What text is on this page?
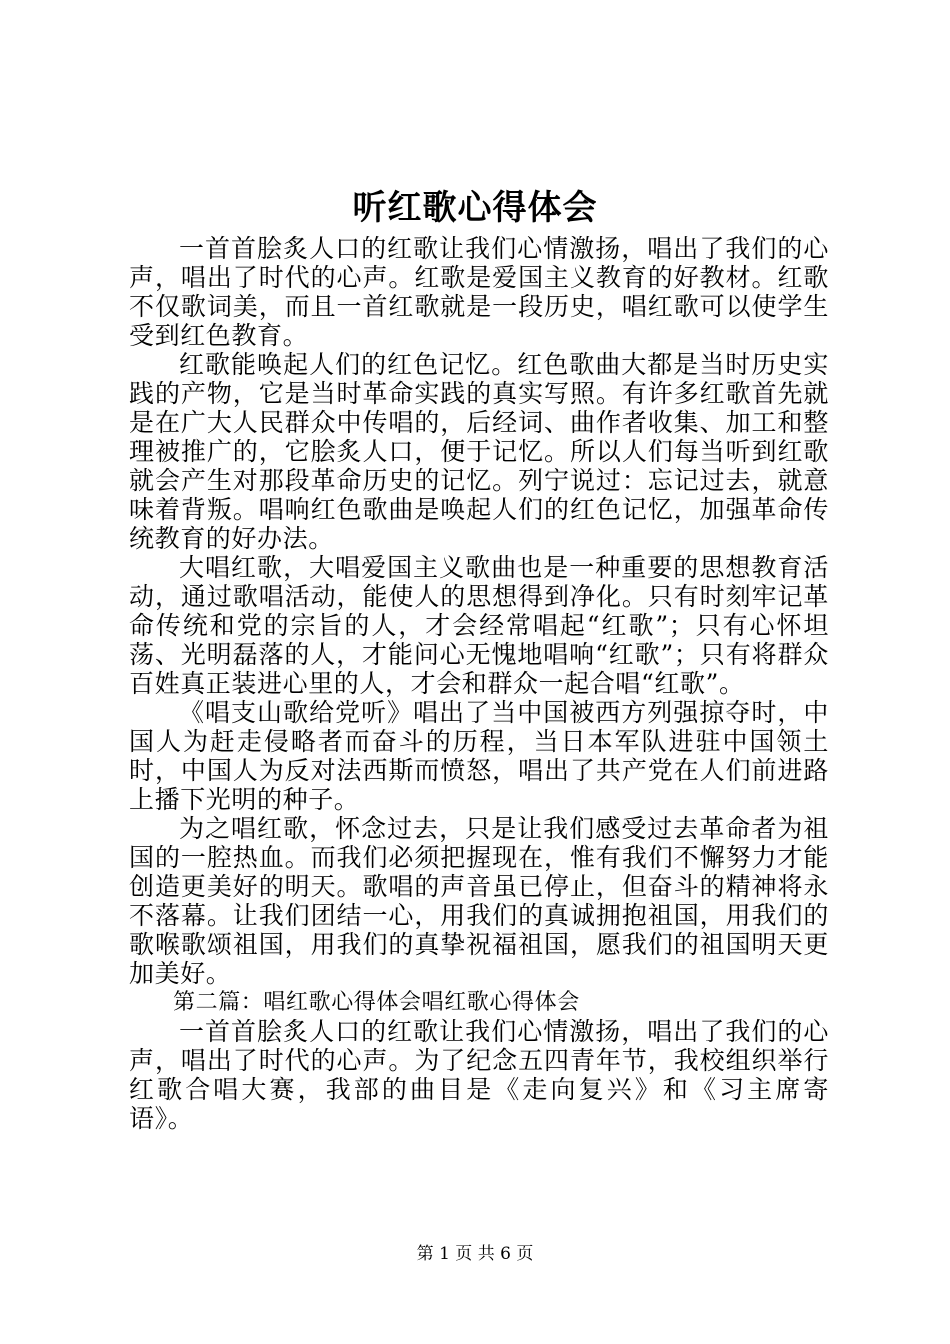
听红歌心得体会

一首首脍炙人口的红歌让我们心情激扬，唱出了我们的心声，唱出了时代的心声。红歌是爱国主义教育的好教材。红歌不仅歌词美，而且一首红歌就是一段历史，唱红歌可以使学生受到红色教育。

红歌能唤起人们的红色记忆。红色歌曲大都是当时历史实践的产物，它是当时革命实践的真实写照。有许多红歌首先就是在广大人民群众中传唱的，后经词、曲作者收集、加工和整理被推广的，它脍炙人口，便于记忆。所以人们每当听到红歌就会产生对那段革命历史的记忆。列宁说过：忘记过去，就意味着背叛。唱响红色歌曲是唤起人们的红色记忆，加强革命传统教育的好办法。

大唱红歌，大唱爱国主义歌曲也是一种重要的思想教育活动，通过歌唱活动，能使人的思想得到净化。只有时刻牢记革命传统和党的宗旨的人，才会经常唱起“红歌”；只有心怀坦荡、光明磊落的人，才能问心无愧地唱响“红歌”；只有将群众百姓真正装进心里的人，才会和群众一起合唱“红歌”。

《唱支山歌给党听》唱出了当中国被西方列强掠夺时，中国人为赶走侵略者而奋斗的历程，当日本军队进驻中国领土时，中国人为反对法西斯而愤怒，唱出了共产党在人们前进路上播下光明的种子。

为之唱红歌，怀念过去，只是让我们感受过去革命者为祖国的一腔热血。而我们必须把握现在，惟有我们不懈努力才能创造更美好的明天。歌唱的声音虽已停止，但奋斗的精神将永不落幕。让我们团结一心，用我们的真诚拥抱祖国，用我们的歌喉歌颂祖国，用我们的真挚祝福祖国，愿我们的祖国明天更加美好。

第二篇：唱红歌心得体会唱红歌心得体会

一首首脍炙人口的红歌让我们心情激扬，唱出了我们的心声，唱出了时代的心声。为了纪念五四青年节，我校组织举行红歌合唱大赛，我部的曲目是《走向复兴》和《习主席寄语》。

第 1 页 共 6 页
